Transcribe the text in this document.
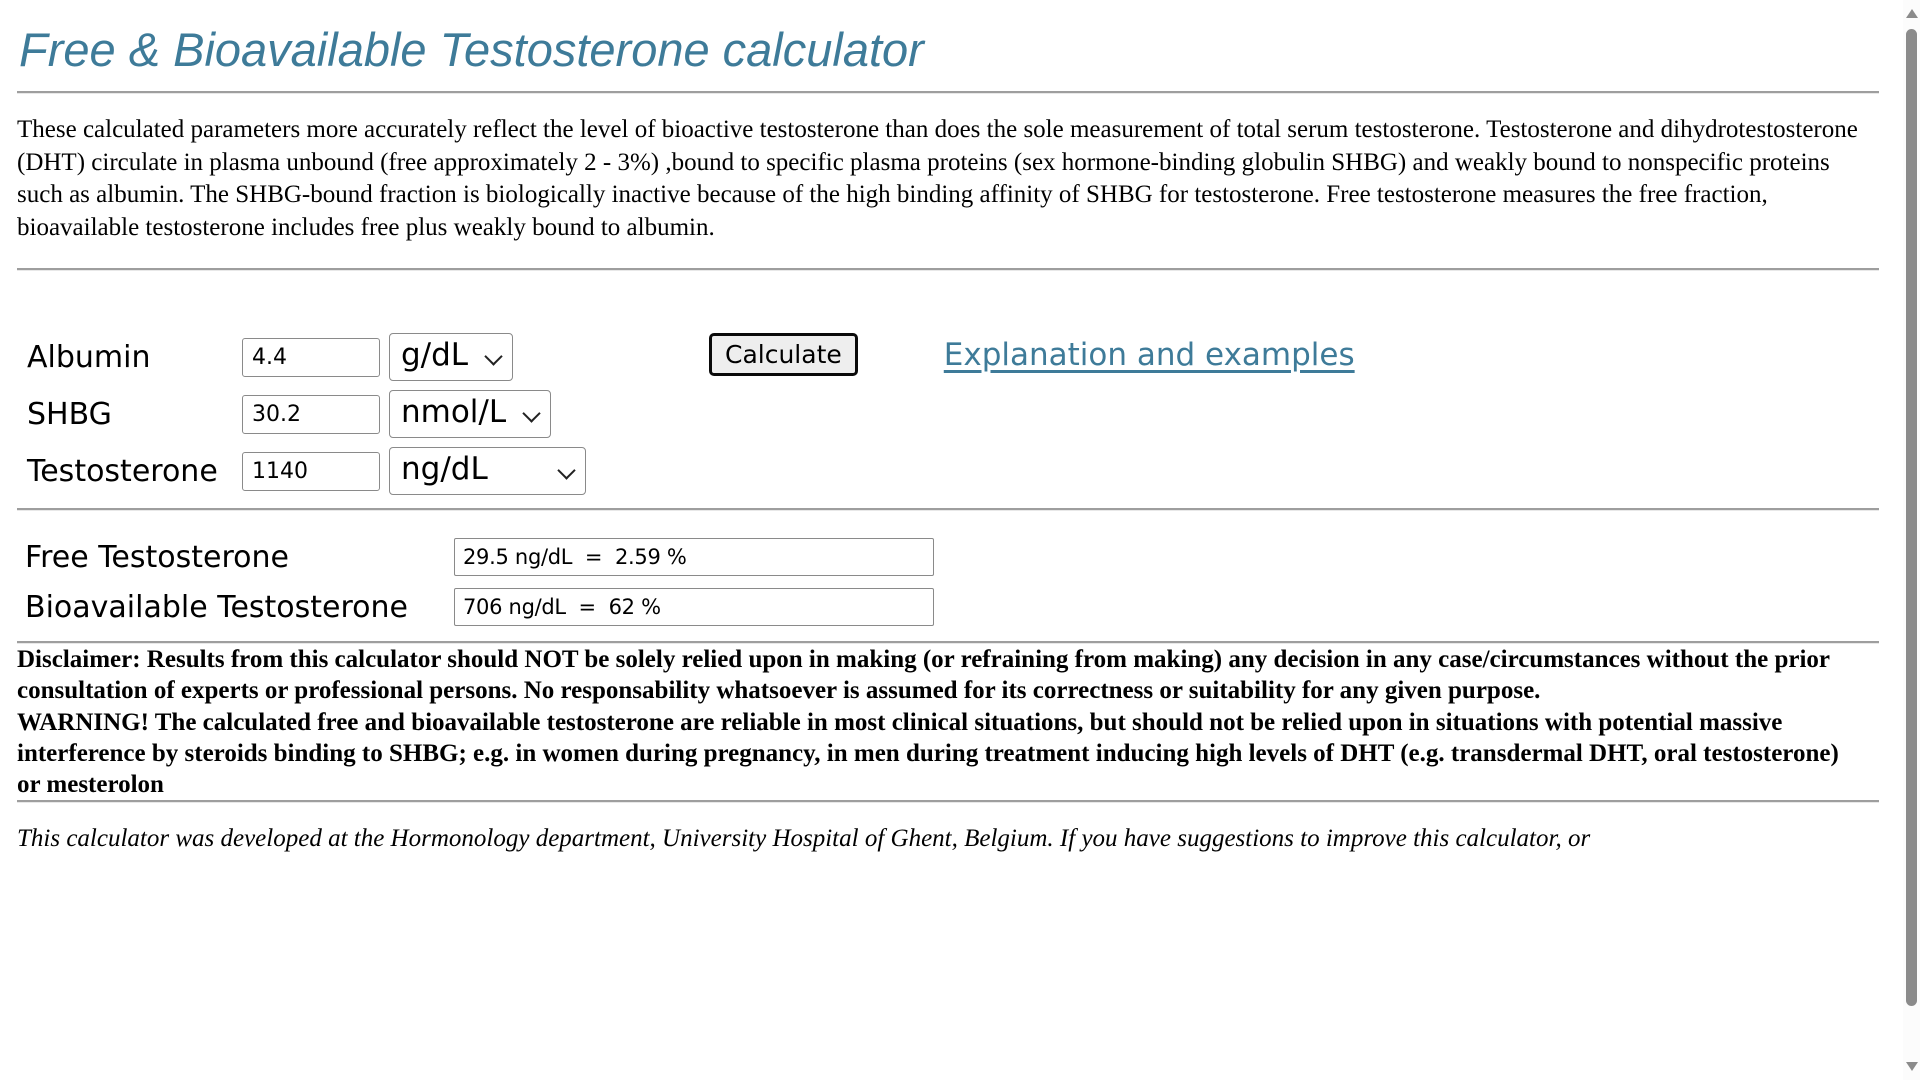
Free & Bioavailable Testosterone calculator

These calculated parameters more accurately reflect the level of bioactive testosterone than does the sole measurement of total serum testosterone. Testosterone and dihydrotestosterone (DHT) circulate in plasma unbound (free approximately 2 - 3%) ,bound to specific plasma proteins (sex hormone-binding globulin SHBG) and weakly bound to nonspecific proteins such as albumin. The SHBG-bound fraction is biologically inactive because of the high binding affinity of SHBG for testosterone. Free testosterone measures the free fraction, bioavailable testosterone includes free plus weakly bound to albumin.

Albumin
4.4
g/dL
SHBG
30.2
nmol/L
Testosterone
1140
ng/dL
Calculate	Explanation and examples
Free Testosterone
29.5 ng/dL = 2.59 %
Bioavailable Testosterone
706 ng/dL = 62 %

Disclaimer: Results from this calculator should NOT be solely relied upon in making (or refraining from making) any decision in any case/circumstances without the prior consultation of experts or professional persons. No responsability whatsoever is assumed for its correctness or suitability for any given purpose.

WARNING! The calculated free and bioavailable testosterone are reliable in most clinical situations, but should not be relied upon in situations with potential massive interference by steroids binding to SHBG; e.g. in women during pregnancy, in men during treatment inducing high levels of DHT (e.g. transdermal DHT, oral testosterone) or mesterolon

This calculator was developed at the Hormonology department, University Hospital of Ghent, Belgium. If you have suggestions to improve this calculator, or
